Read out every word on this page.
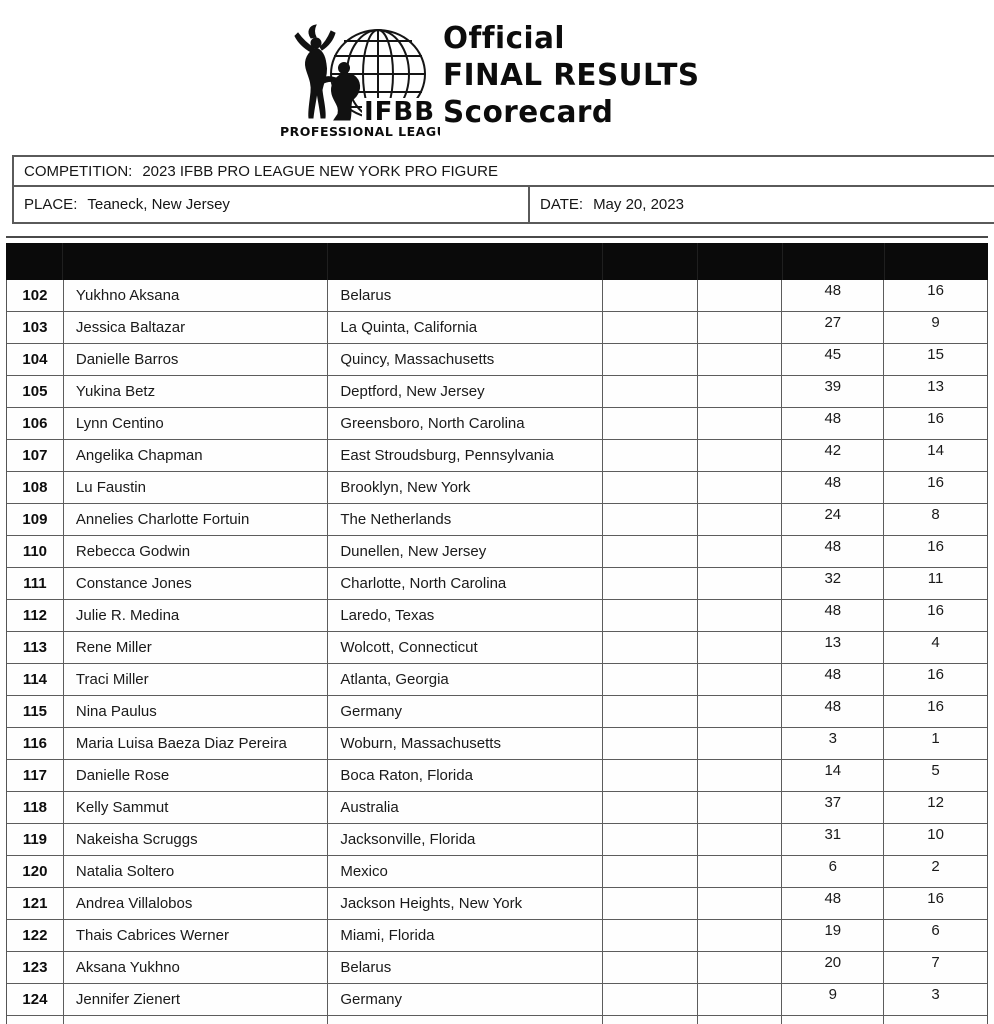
IFBB
PROFESSIONAL LEAGUE
Official
FINAL RESULTS
Scorecard
COMPETITION: 2023 IFBB PRO LEAGUE NEW YORK PRO FIGURE
PLACE: Teaneck, New Jersey	DATE: May 20, 2023
102	Yukhno Aksana	Belarus	48	16
103	Jessica Baltazar	La Quinta, California	27	9
104	Danielle Barros	Quincy, Massachusetts	45	15
105	Yukina Betz	Deptford, New Jersey	39	13
106	Lynn Centino	Greensboro, North Carolina	48	16
107	Angelika Chapman	East Stroudsburg, Pennsylvania	42	14
108	Lu Faustin	Brooklyn, New York	48	16
109	Annelies Charlotte Fortuin	The Netherlands	24	8
110	Rebecca Godwin	Dunellen, New Jersey	48	16
111	Constance Jones	Charlotte, North Carolina	32	11
112	Julie R. Medina	Laredo, Texas	48	16
113	Rene Miller	Wolcott, Connecticut	13	4
114	Traci Miller	Atlanta, Georgia	48	16
115	Nina Paulus	Germany	48	16
116	Maria Luisa Baeza Diaz Pereira	Woburn, Massachusetts	3	1
117	Danielle Rose	Boca Raton, Florida	14	5
118	Kelly Sammut	Australia	37	12
119	Nakeisha Scruggs	Jacksonville, Florida	31	10
120	Natalia Soltero	Mexico	6	2
121	Andrea Villalobos	Jackson Heights, New York	48	16
122	Thais Cabrices Werner	Miami, Florida	19	6
123	Aksana Yukhno	Belarus	20	7
124	Jennifer Zienert	Germany	9	3
